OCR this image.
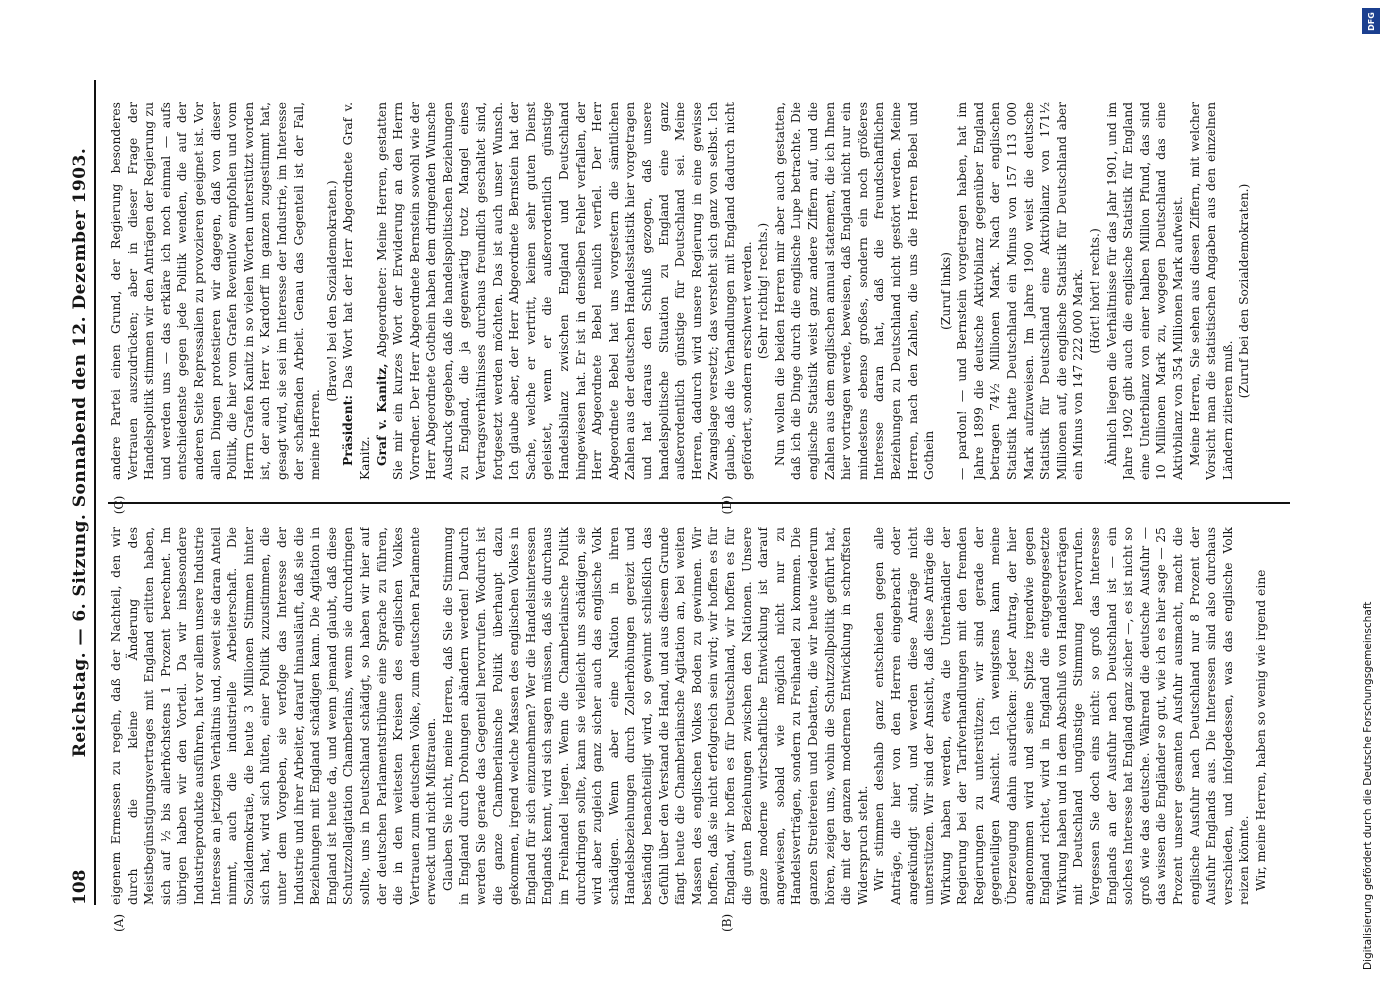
108
Reichstag. — 6. Sitzung. Sonnabend den 12. Dezember 1903.
(A)	(B)
(C)	(D)

eigenem Ermessen zu regeln, daß der Nachteil, den wir durch die kleine Änderung des Meistbegünstigungsvertrages mit England erlitten haben, sich auf ½ bis allerhöchstens 1 Prozent berechnet. Im übrigen haben wir den Vorteil. Da wir insbesondere Industrieprodukte ausführen, hat vor allem unsere Industrie Interesse an jetzigen Verhältnis und, soweit sie daran Anteil nimmt, auch die industrielle Arbeiterschaft. Die Sozialdemokratie, die heute 3 Millionen Stimmen hinter sich hat, wird sich hüten, einer Politik zuzustimmen, die unter dem Vorgeben, sie verfolge das Interesse der Industrie und ihrer Arbeiter, darauf hinausläuft, daß sie die Beziehungen mit England schädigen kann. Die Agitation in England ist heute da, und wenn jemand glaubt, daß diese Schutzzollagitation Chamberlains, wenn sie durchdringen sollte, uns in Deutschland schädigt, so haben wir hier auf der deutschen Parlamentstribüne eine Sprache zu führen, die in den weitesten Kreisen des englischen Volkes Vertrauen zum deutschen Volke, zum deutschen Parlamente erweckt und nicht Mißtrauen. Glauben Sie nicht, meine Herren, daß Sie die Stimmung in England durch Drohungen abändern werden! Dadurch werden Sie gerade das Gegenteil hervorrufen. Wodurch ist die ganze Chamberlainsche Politik überhaupt dazu gekommen, irgend welche Massen des englischen Volkes in England für sich einzunehmen? Wer die Handelsinteressen Englands kennt, wird sich sagen müssen, daß sie durchaus im Freihandel liegen. Wenn die Chamberlainsche Politik durchdringen sollte, kann sie vielleicht uns schädigen, sie wird aber zugleich ganz sicher auch das englische Volk schädigen. Wenn aber eine Nation in ihren Handelsbeziehungen durch Zollerhöhungen gereizt und beständig benachteiligt wird, so gewinnt schließlich das Gefühl über den Verstand die Hand, und aus diesem Grunde fängt heute die Chamberlainsche Agitation an, bei weiten Massen des englischen Volkes Boden zu gewinnen. Wir hoffen, daß sie nicht erfolgreich sein wird; wir hoffen es für England, wir hoffen es für Deutschland, wir hoffen es für die guten Beziehungen zwischen den Nationen. Unsere ganze moderne wirtschaftliche Entwicklung ist darauf angewiesen, sobald wie möglich nicht nur zu Handelsverträgen, sondern zu Freihandel zu kommen. Die ganzen Streitereien und Debatten, die wir heute wiederum hören, zeigen uns, wohin die Schutzzollpolitik geführt hat, die mit der ganzen modernen Entwicklung in schroffsten Widerspruch steht. Wir stimmen deshalb ganz entschieden gegen alle Anträge, die hier von den Herren eingebracht oder angekündigt sind, und werden diese Anträge nicht unterstützen. Wir sind der Ansicht, daß diese Anträge die Wirkung haben werden, etwa die Unterhändler der Regierung bei der Tarifverhandlungen mit den fremden Regierungen zu unterstützen; wir sind gerade der gegenteiligen Ansicht. Ich wenigstens kann meine Überzeugung dahin ausdrücken: jeder Antrag, der hier angenommen wird und seine Spitze irgendwie gegen England richtet, wird in England die entgegengesetzte Wirkung haben und in dem Abschluß von Handelsverträgen mit Deutschland ungünstige Stimmung hervorrufen. Vergessen Sie doch eins nicht: so groß das Interesse Englands an der Ausfuhr nach Deutschland ist — ein solches Interesse hat England ganz sicher —, es ist nicht so groß wie das deutsche. Während die deutsche Ausfuhr — das wissen die Engländer so gut, wie ich es hier sage — 25 Prozent unserer gesamten Ausfuhr ausmacht, macht die englische Ausfuhr nach Deutschland nur 8 Prozent der Ausfuhr Englands aus. Die Interessen sind also durchaus verschieden, und infolgedessen, was das englische Volk reizen könnte. Wir, meine Herren, haben so wenig wie irgend eine

andere Partei einen Grund, der Regierung besonderes Vertrauen auszudrücken; aber in dieser Frage der Handelspolitik stimmen wir den Anträgen der Regierung zu und werden uns — das erkläre ich noch einmal — aufs entschiedenste gegen jede Politik wenden, die auf der anderen Seite Repressalien zu provozieren geeignet ist. Vor allen Dingen protestieren wir dagegen, daß von dieser Politik, die hier vom Grafen Reventlow empfohlen und vom Herrn Grafen Kanitz in so vielen Worten unterstützt worden ist, der auch Herr v. Kardorff im ganzen zugestimmt hat, gesagt wird, sie sei im Interesse der Industrie, im Interesse der schaffenden Arbeit. Genau das Gegenteil ist der Fall, meine Herren.

(Bravo! bei den Sozialdemokraten.)

Präsident: Das Wort hat der Herr Abgeordnete Graf v. Kanitz. Graf v. Kanitz, Abgeordneter: Meine Herren, gestatten Sie mir ein kurzes Wort der Erwiderung an den Herrn Vorredner. Der Herr Abgeordnete Bernstein sowohl wie der Herr Abgeordnete Gothein haben dem dringenden Wunsche Ausdruck gegeben, daß die handelspolitischen Beziehungen zu England, die ja gegenwärtig trotz Mangel eines Vertragsverhältnisses durchaus freundlich geschaltet sind, fortgesetzt werden möchten. Das ist auch unser Wunsch. Ich glaube aber, der Herr Abgeordnete Bernstein hat der Sache, welche er vertritt, keinen sehr guten Dienst geleistet, wenn er die außerordentlich günstige Handelsbilanz zwischen England und Deutschland hingewiesen hat. Er ist in denselben Fehler verfallen, der Herr Abgeordnete Bebel neulich verfiel. Der Herr Abgeordnete Bebel hat uns vorgestern die sämtlichen Zahlen aus der deutschen Handelsstatistik hier vorgetragen und hat daraus den Schluß gezogen, daß unsere handelspolitische Situation zu England eine ganz außerordentlich günstige für Deutschland sei. Meine Herren, dadurch wird unsere Regierung in eine gewisse Zwangslage versetzt; das versteht sich ganz von selbst. Ich glaube, daß die Verhandlungen mit England dadurch nicht gefördert, sondern erschwert werden. (Sehr richtig! rechts.) Nun wollen die beiden Herren mir aber auch gestatten, daß ich die Dinge durch die englische Lupe betrachte. Die englische Statistik weist ganz andere Ziffern auf, und die Zahlen aus dem englischen annual statement, die ich Ihnen hier vortragen werde, beweisen, daß England nicht nur ein mindestens ebenso großes, sondern ein noch größeres Interesse daran hat, daß die freundschaftlichen Beziehungen zu Deutschland nicht gestört werden. Meine Herren, nach den Zahlen, die uns die Herren Bebel und Gothein

(Zuruf links) — pardon! — und Bernstein vorgetragen haben, hat im Jahre 1899 die deutsche Aktivbilanz gegenüber England betragen 74½ Millionen Mark. Nach der englischen Statistik hatte Deutschland ein Minus von 157 113 000 Mark aufzuweisen. Im Jahre 1900 weist die deutsche Statistik für Deutschland eine Aktivbilanz von 171½ Millionen auf, die englische Statistik für Deutschland aber ein Minus von 147 222 000 Mark. (Hört! hört! rechts.) Ähnlich liegen die Verhältnisse für das Jahr 1901, und im Jahre 1902 gibt auch die englische Statistik für England eine Unterbilanz von einer halben Million Pfund, das sind 10 Millionen Mark zu, wogegen Deutschland das eine Aktivbilanz von 354 Millionen Mark aufweist. Meine Herren, Sie sehen aus diesen Ziffern, mit welcher Vorsicht man die statistischen Angaben aus den einzelnen Ländern zitieren muß.

(Zuruf bei den Sozialdemokraten.)

Digitalisierung gefördert durch die Deutsche Forschungsgemeinschaft
DFG
